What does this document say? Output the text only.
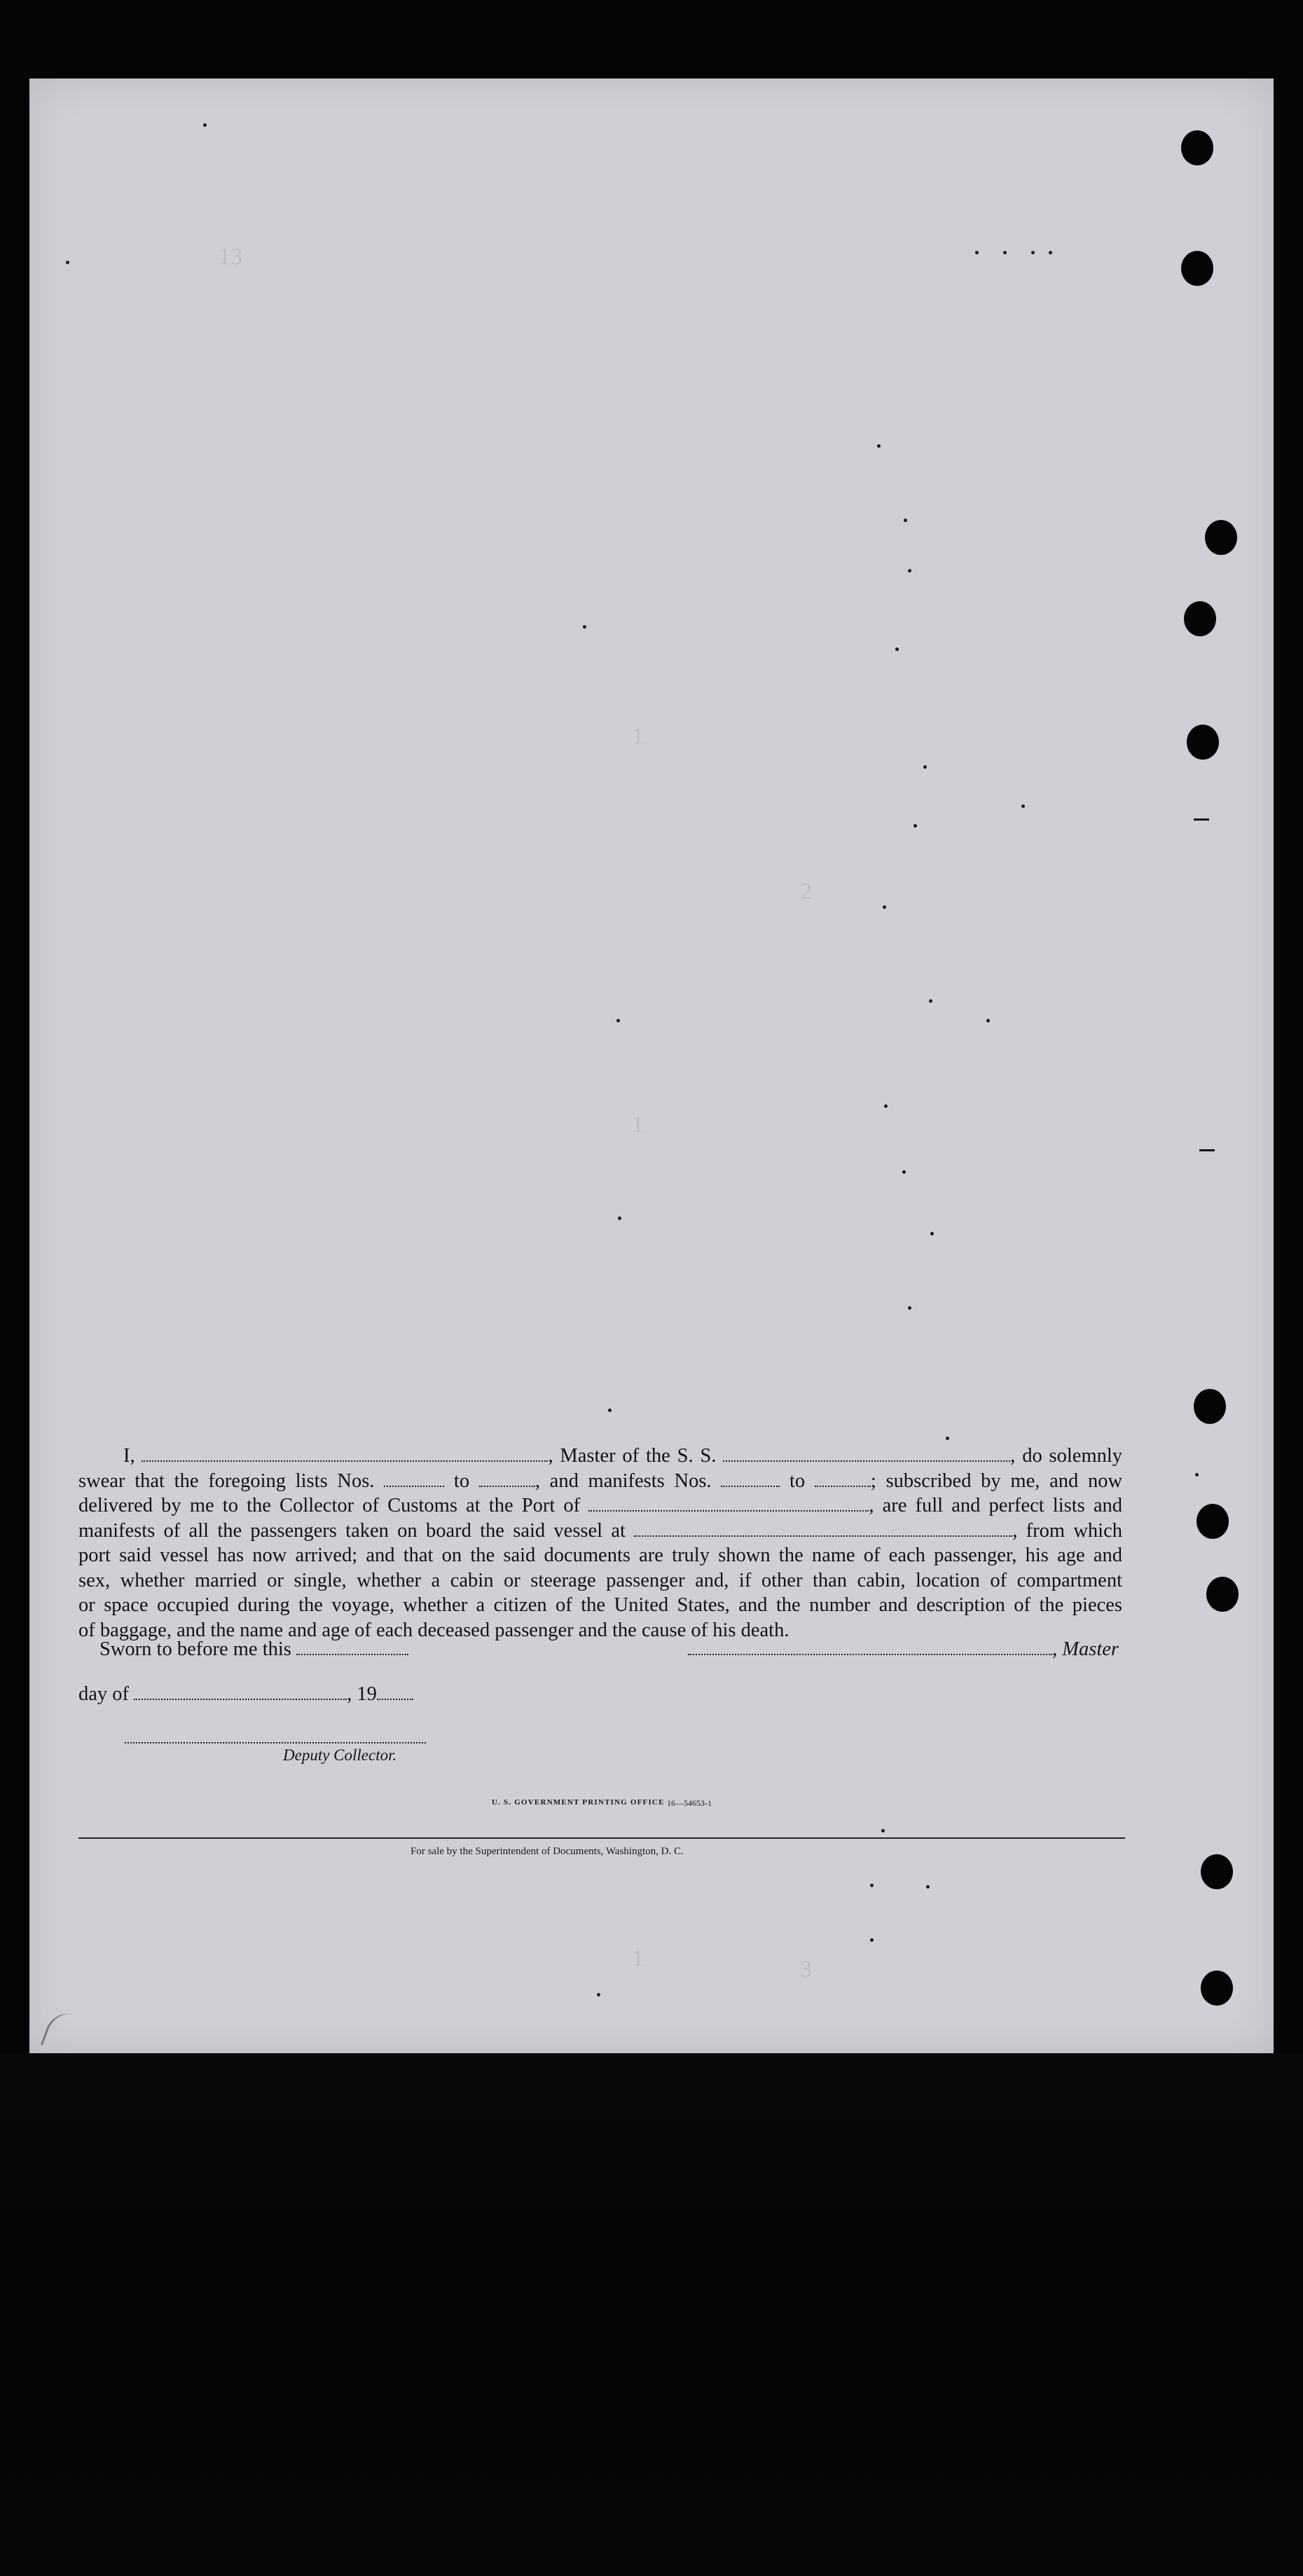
13
1
1
3
2
1
I,	, Master of the S. S.	, do solemnly
swear that the foregoing lists Nos.	to	, and manifests Nos.	to	; subscribed by me, and now
delivered by me to the Collector of Customs at the Port of	, are full and perfect lists and
manifests of all the passengers taken on board the said vessel at	, from which
port said vessel has now arrived; and that on the said documents are truly shown the name of each passenger, his age and
sex, whether married or single, whether a cabin or steerage passenger and, if other than cabin, location of compartment
or space occupied during the voyage, whether a citizen of the United States, and the number and description of the pieces
of baggage, and the name and age of each deceased passenger and the cause of his death.
Sworn to before me this	, Master
day of	, 19
Deputy Collector.
U. S. GOVERNMENT PRINTING OFFICE 16—54653-1
For sale by the Superintendent of Documents, Washington, D. C.
